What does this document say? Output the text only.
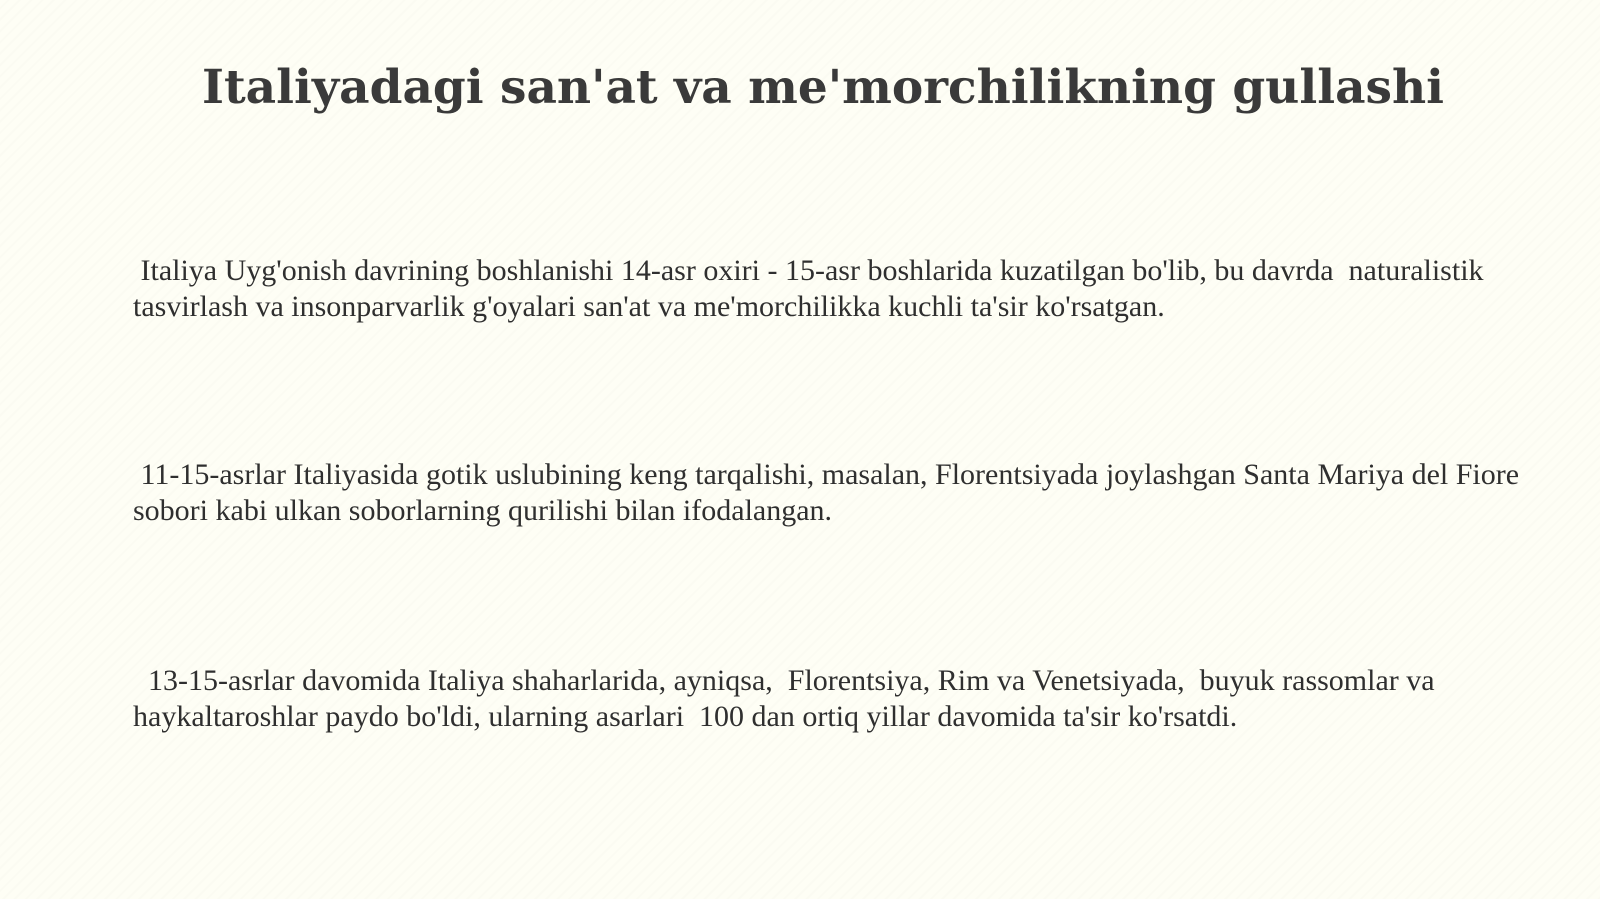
Italiyadagi san'at va me'morchilikning gullashi

Italiya Uyg'onish davrining boshlanishi 14-asr oxiri - 15-asr boshlarida kuzatilgan bo'lib, bu davrda  naturalistik tasvirlash va insonparvarlik g'oyalari san'at va me'morchilikka kuchli ta'sir ko'rsatgan.

11-15-asrlar Italiyasida gotik uslubining keng tarqalishi, masalan, Florentsiyada joylashgan Santa Mariya del Fiore sobori kabi ulkan soborlarning qurilishi bilan ifodalangan.

13-15-asrlar davomida Italiya shaharlarida, ayniqsa,  Florentsiya, Rim va Venetsiyada,  buyuk rassomlar va haykaltaroshlar paydo bo'ldi, ularning asarlari  100 dan ortiq yillar davomida ta'sir ko'rsatdi.
